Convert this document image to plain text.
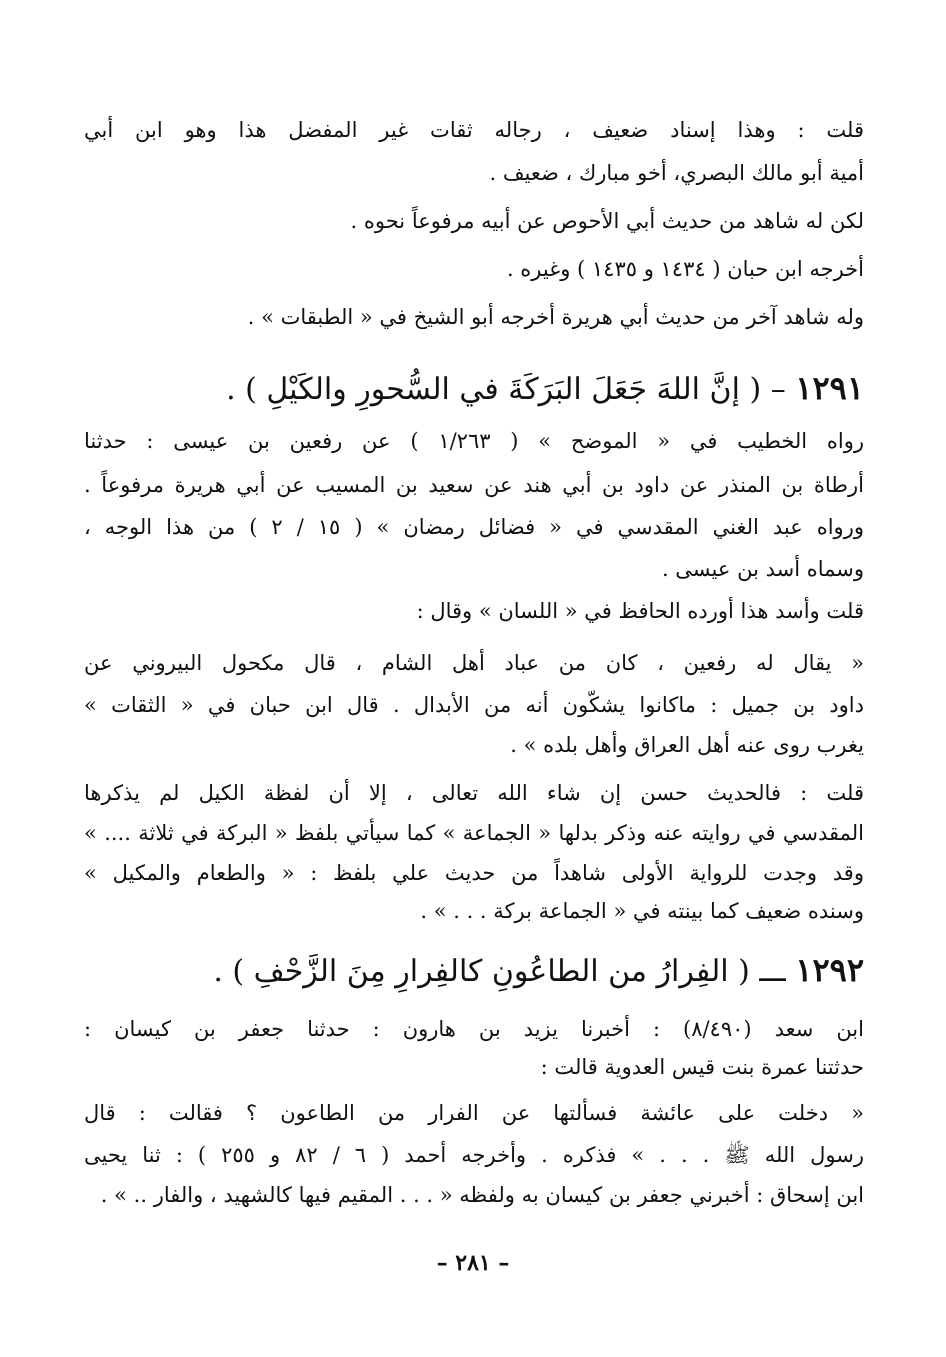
قلت : وهذا إسناد ضعيف ، رجاله ثقات غير المفضل هذا وهو ابن أبي
أمية أبو مالك البصري، أخو مبارك ، ضعيف .
لكن له شاهد من حديث أبي الأحوص عن أبيه مرفوعاً نحوه .
أخرجه ابن حبان ( ١٤٣٤ و ١٤٣٥ ) وغيره .
وله شاهد آخر من حديث أبي هريرة أخرجه أبو الشيخ في « الطبقات » .
رواه الخطيب في « الموضح » ( ١/٢٦٣ ) عن رفعين بن عيسى : حدثنا
أرطاة بن المنذر عن داود بن أبي هند عن سعيد بن المسيب عن أبي هريرة مرفوعاً .
ورواه عبد الغني المقدسي في « فضائل رمضان » ( ١٥ / ٢ ) من هذا الوجه ،
وسماه أسد بن عيسى .
قلت وأسد هذا أورده الحافظ في « اللسان » وقال :
« يقال له رفعين ، كان من عباد أهل الشام ، قال مكحول البيروني عن
داود بن جميل : ماكانوا يشكّون أنه من الأبدال . قال ابن حبان في « الثقات »
يغرب روى عنه أهل العراق وأهل بلده » .
قلت : فالحديث حسن إن شاء الله تعالى ، إلا أن لفظة الكيل لم يذكرها
المقدسي في روايته عنه وذكر بدلها « الجماعة » كما سيأتي بلفظ « البركة في ثلاثة .... »
وقد وجدت للرواية الأولى شاهداً من حديث علي بلفظ : « والطعام والمكيل »
وسنده ضعيف كما بينته في « الجماعة بركة . . . » .
ابن سعد (٨/٤٩٠) : أخبرنا يزيد بن هارون : حدثنا جعفر بن كيسان :
حدثتنا عمرة بنت قيس العدوية قالت :
« دخلت على عائشة فسألتها عن الفرار من الطاعون ؟ فقالت : قال
رسول الله ﷺ . . . » فذكره . وأخرجه أحمد ( ٦ / ٨٢ و ٢٥٥ ) : ثنا يحيى
ابن إسحاق : أخبرني جعفر بن كيسان به ولفظه « . . . المقيم فيها كالشهيد ، والفار .. » .
١٢٩١ – ( إنَّ اللهَ جَعَلَ البَرَكَةَ في السُّحورِ والكَيْلِ ) .
١٢٩٢ ـــ ( الفِرارُ من الطاعُونِ كالفِرارِ مِنَ الزَّحْفِ ) .
– ٢٨١ –
